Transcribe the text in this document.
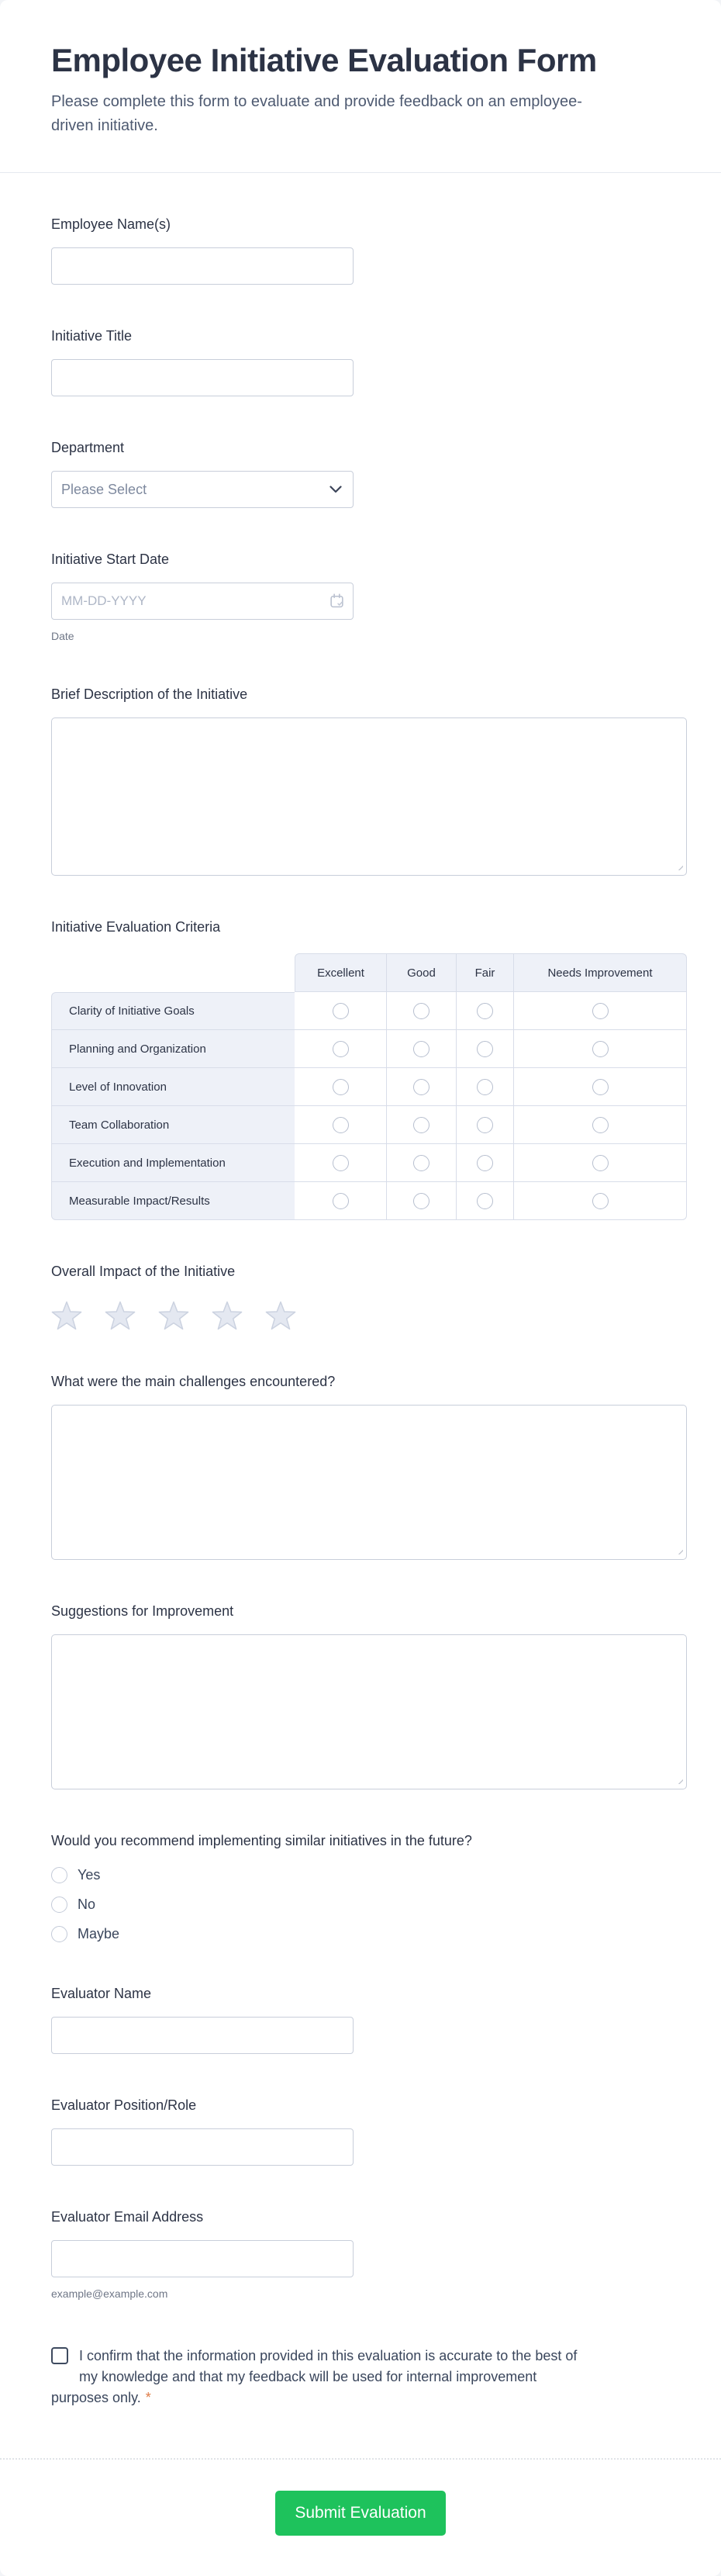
Employee Initiative Evaluation Form

Please complete this form to evaluate and provide feedback on an employee-driven initiative.

Employee Name(s)
Initiative Title
Department
Please Select
Initiative Start Date
MM-DD-YYYY
Date
Brief Description of the Initiative
Initiative Evaluation Criteria
	Excellent	Good	Fair	Needs Improvement
Clarity of Initiative Goals				
Planning and Organization				
Level of Innovation				
Team Collaboration				
Execution and Implementation				
Measurable Impact/Results				
Overall Impact of the Initiative
What were the main challenges encountered?
Suggestions for Improvement
Would you recommend implementing similar initiatives in the future?
Yes
No
Maybe
Evaluator Name
Evaluator Position/Role
Evaluator Email Address
example@example.com
I confirm that the information provided in this evaluation is accurate to the best of my knowledge and that my feedback will be used for internal improvement purposes only. *
Submit Evaluation
